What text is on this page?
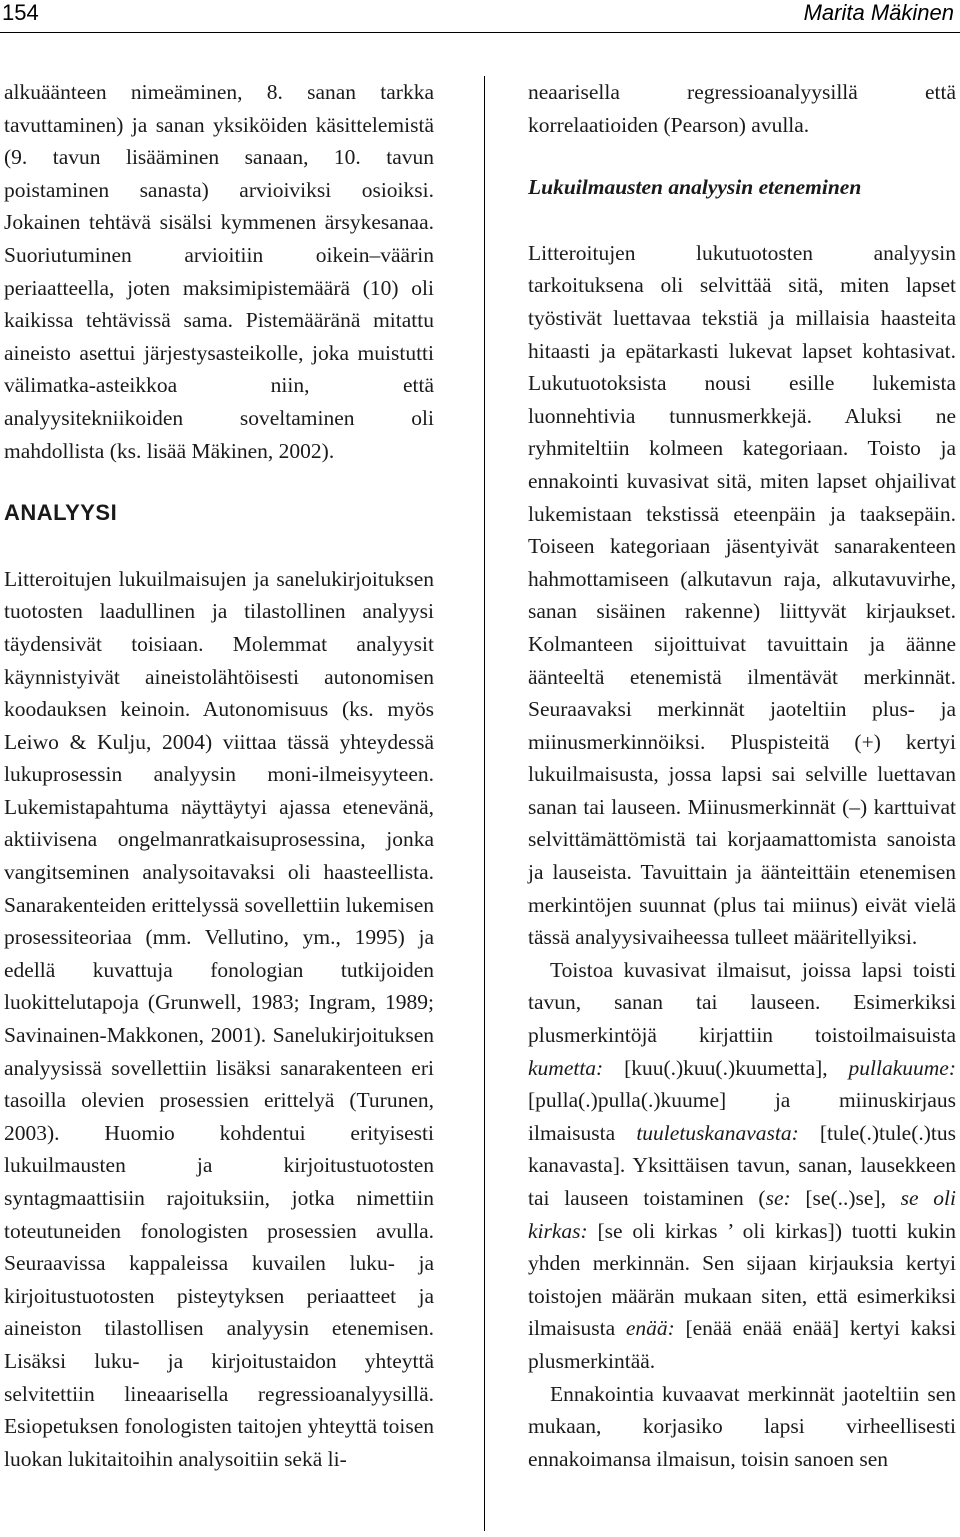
154	Marita Mäkinen

alkuäänteen nimeäminen, 8. sanan tarkka tavuttaminen) ja sanan yksiköiden käsittelemistä (9. tavun lisääminen sanaan, 10. tavun poistaminen sanasta) arvioiviksi osioiksi. Jokainen tehtävä sisälsi kymmenen ärsykesanaa. Suoriutuminen arvioitiin oikein–väärin periaatteella, joten maksimipistemäärä (10) oli kaikissa tehtävissä sama. Pistemääränä mitattu aineisto asettui järjestysasteikolle, joka muistutti välimatka-asteikkoa niin, että analyysitekniikoiden soveltaminen oli mahdollista (ks. lisää Mäkinen, 2002).

ANALYYSI

Litteroitujen lukuilmaisujen ja sanelukirjoituksen tuotosten laadullinen ja tilastollinen analyysi täydensivät toisiaan. Molemmat analyysit käynnistyivät aineistolähtöisesti autonomisen koodauksen keinoin. Autonomisuus (ks. myös Leiwo & Kulju, 2004) viittaa tässä yhteydessä lukuprosessin analyysin moni-ilmeisyyteen. Lukemistapahtuma näyttäytyi ajassa etenevänä, aktiivisena ongelmanratkaisuprosessina, jonka vangitseminen analysoitavaksi oli haasteellista. Sanarakenteiden erittelyssä sovellettiin lukemisen prosessiteoriaa (mm. Vellutino, ym., 1995) ja edellä kuvattuja fonologian tutkijoiden luokittelutapoja (Grunwell, 1983; Ingram, 1989; Savinainen-Makkonen, 2001). Sanelukirjoituksen analyysissä sovellettiin lisäksi sanarakenteen eri tasoilla olevien prosessien erittelyä (Turunen, 2003). Huomio kohdentui erityisesti lukuilmausten ja kirjoitustuotosten syntagmaattisiin rajoituksiin, jotka nimettiin toteutuneiden fonologisten prosessien avulla. Seuraavissa kappaleissa kuvailen luku- ja kirjoitustuotosten pisteytyksen periaatteet ja aineiston tilastollisen analyysin etenemisen. Lisäksi luku- ja kirjoitustaidon yhteyttä selvitettiin lineaarisella regressioanalyysillä. Esiopetuksen fonologisten taitojen yhteyttä toisen luokan lukitaitoihin analysoitiin sekä li-

neaarisella regressioanalyysillä että korrelaatioiden (Pearson) avulla.

Lukuilmausten analyysin eteneminen

Litteroitujen lukutuotosten analyysin tarkoituksena oli selvittää sitä, miten lapset työstivät luettavaa tekstiä ja millaisia haasteita hitaasti ja epätarkasti lukevat lapset kohtasivat. Lukutuotoksista nousi esille lukemista luonnehtivia tunnusmerkkejä. Aluksi ne ryhmiteltiin kolmeen kategoriaan. Toisto ja ennakointi kuvasivat sitä, miten lapset ohjailivat lukemistaan tekstissä eteenpäin ja taaksepäin. Toiseen kategoriaan jäsentyivät sanarakenteen hahmottamiseen (alkutavun raja, alkutavuvirhe, sanan sisäinen rakenne) liittyvät kirjaukset. Kolmanteen sijoittuivat tavuittain ja äänne äänteeltä etenemistä ilmentävät merkinnät. Seuraavaksi merkinnät jaoteltiin plus- ja miinusmerkinnöiksi. Pluspisteitä (+) kertyi lukuilmaisusta, jossa lapsi sai selville luettavan sanan tai lauseen. Miinusmerkinnät (–) karttuivat selvittämättömistä tai korjaamattomista sanoista ja lauseista. Tavuittain ja äänteittäin etenemisen merkintöjen suunnat (plus tai miinus) eivät vielä tässä analyysivaiheessa tulleet määritellyiksi.

Toistoa kuvasivat ilmaisut, joissa lapsi toisti tavun, sanan tai lauseen. Esimerkiksi plusmerkintöjä kirjattiin toistoilmaisuista kumetta: [kuu(.)kuu(.)kuumetta], pullakuume: [pulla(.)pulla(.)kuume] ja miinuskirjaus ilmaisusta tuuletuskanavasta: [tule(.)tule(.)tus kanavasta]. Yksittäisen tavun, sanan, lausekkeen tai lauseen toistaminen (se: [se(..)se], se oli kirkas: [se oli kirkas ’ oli kirkas]) tuotti kukin yhden merkinnän. Sen sijaan kirjauksia kertyi toistojen määrän mukaan siten, että esimerkiksi ilmaisusta enää: [enää enää enää] kertyi kaksi plusmerkintää.

Ennakointia kuvaavat merkinnät jaoteltiin sen mukaan, korjasiko lapsi virheellisesti ennakoimansa ilmaisun, toisin sanoen sen
